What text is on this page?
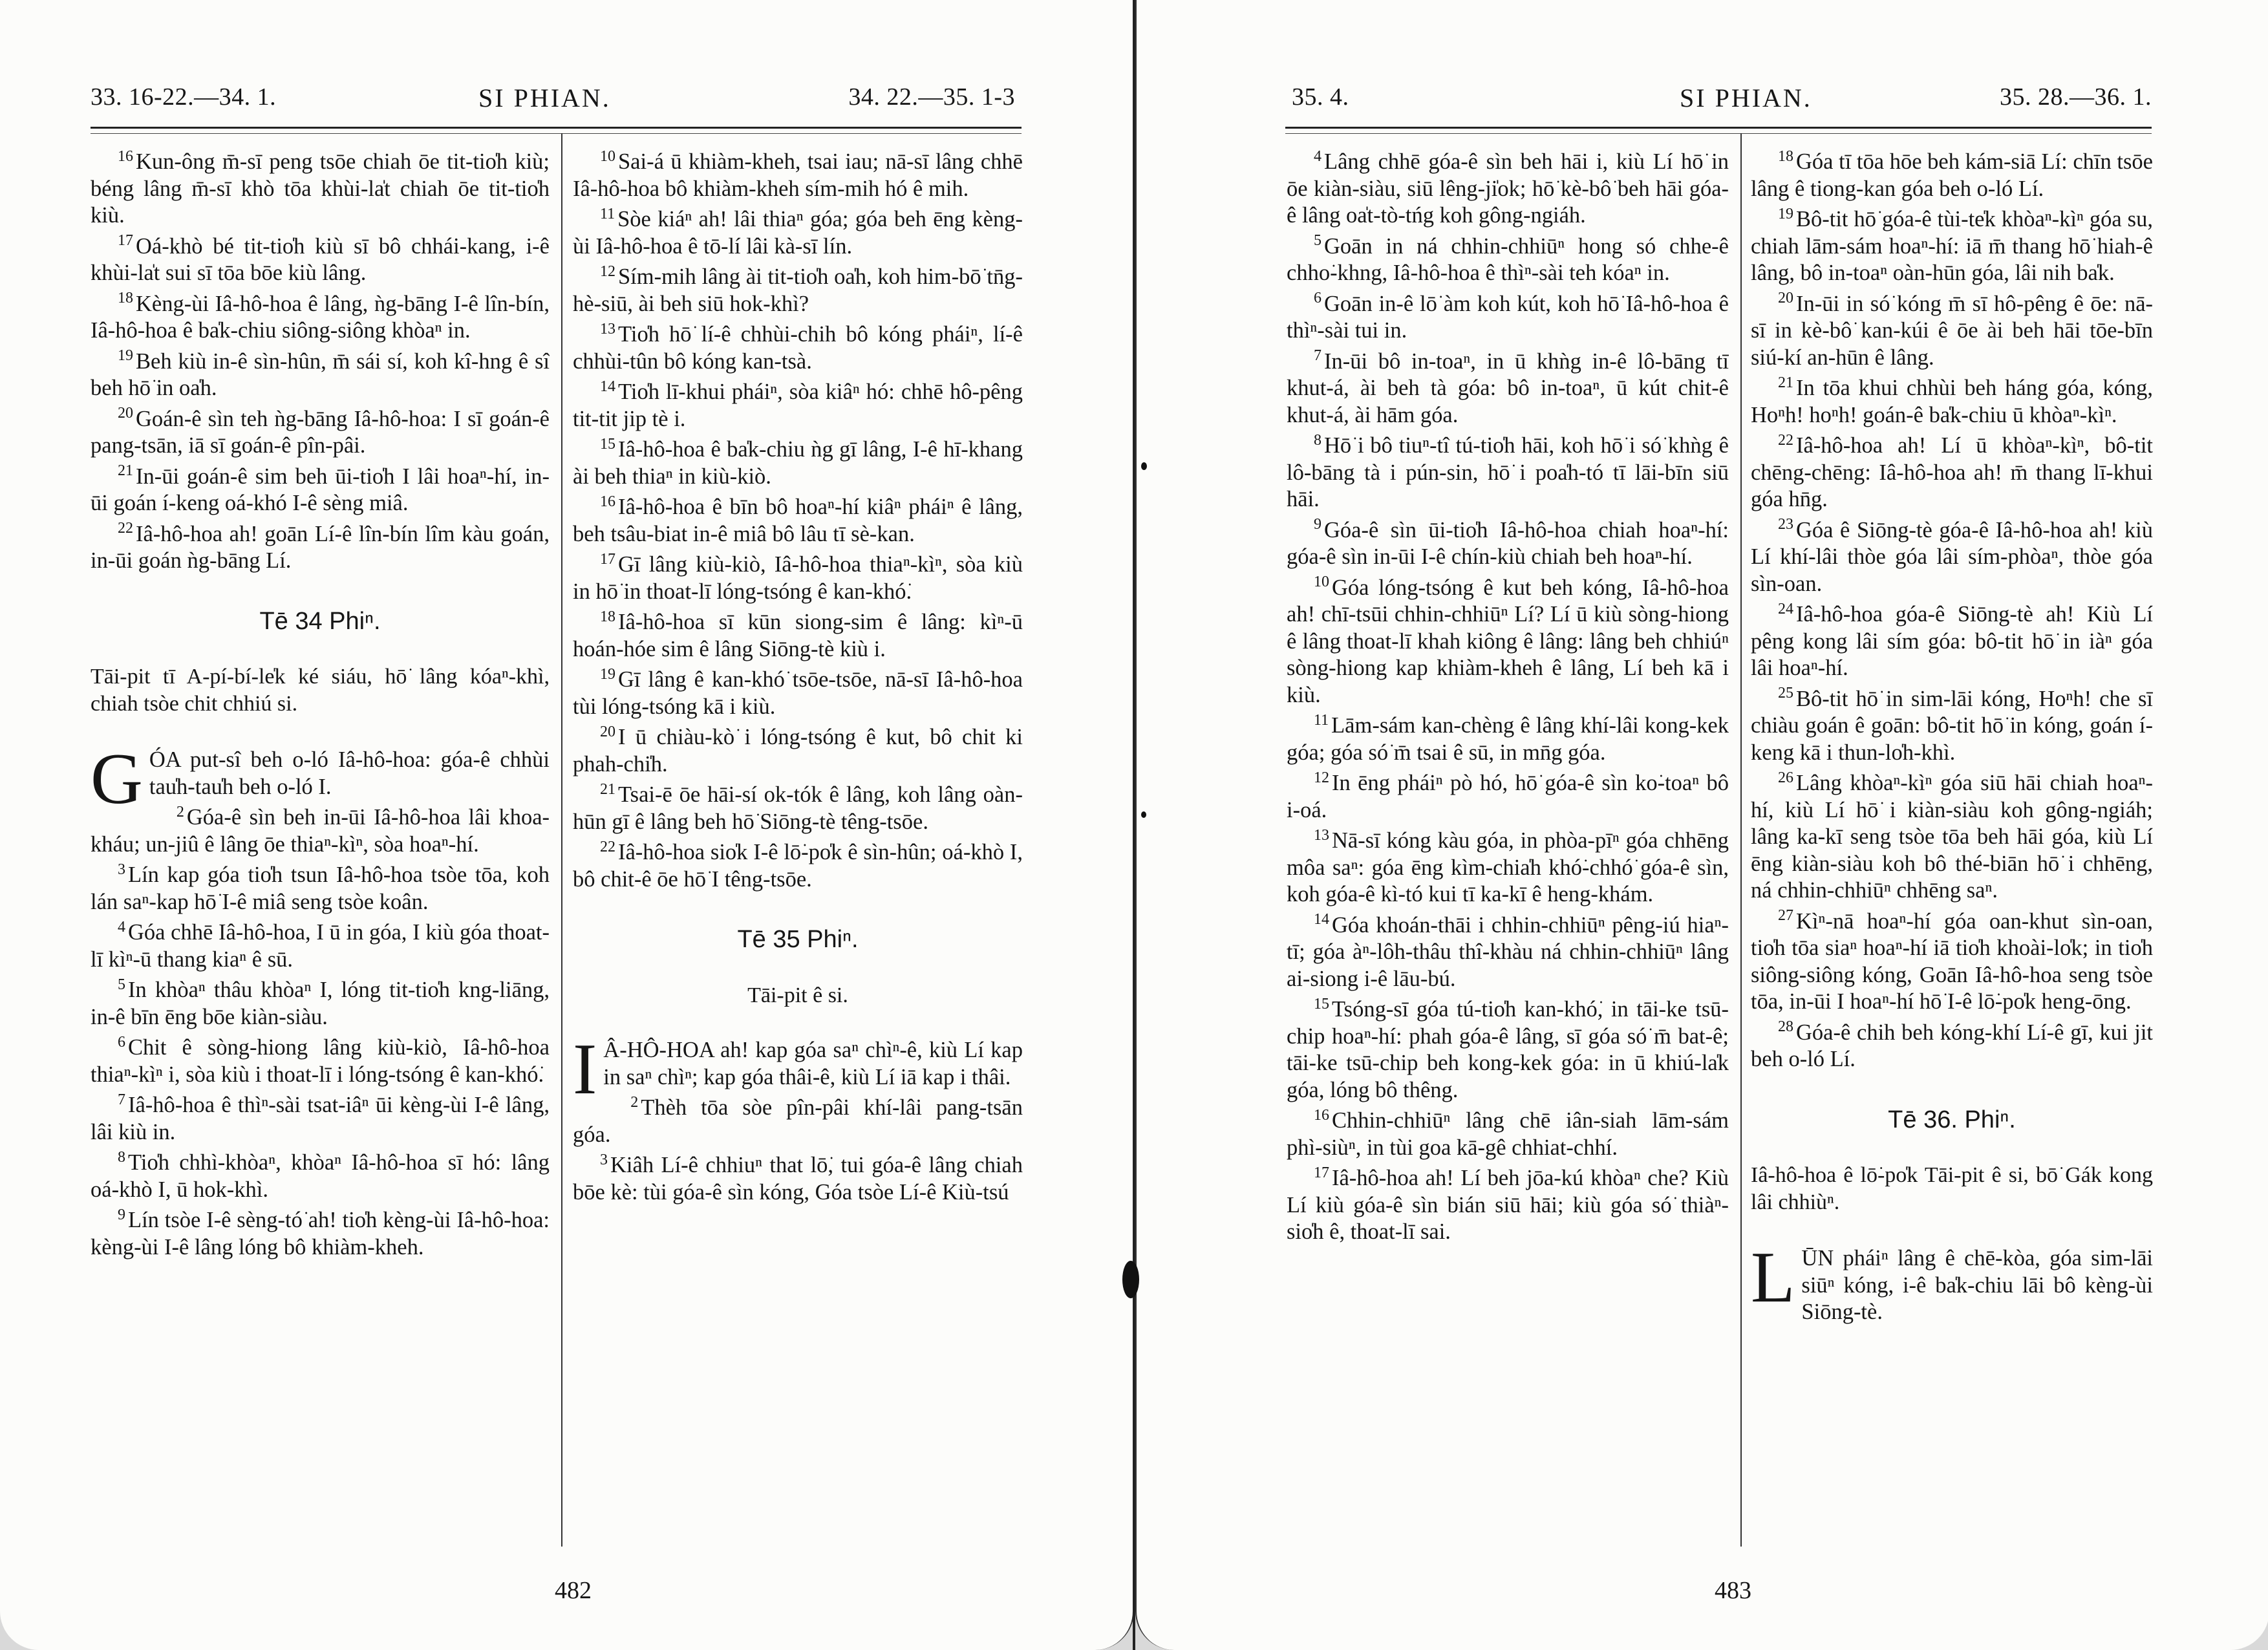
33. 16-22.—34. 1.	SI PHIAN.	34. 22.—35. 1-3

$^{16}$ Kun-ông m̄-sī peng tsōe chiah ōe tit-tio̍h kiù; béng lâng m̄-sī khò tōa khùi-la̍t chiah ōe tit-tio̍h kiù.

$^{17}$ Oá-khò bé tit-tio̍h kiù sī bô chhái-kang, i-ê khùi-la̍t sui sī tōa bōe kiù lâng.

$^{18}$ Kèng-ùi Iâ-hô-hoa ê lâng, ǹg-bāng I-ê lîn-bín, Iâ-hô-hoa ê ba̍k-chiu siông-siông khòaⁿ in.

$^{19}$ Beh kiù in-ê sìn-hûn, m̄ sái sí, koh kî-hng ê sî beh hō͘ in oa̍h.

$^{20}$ Goán-ê sìn teh ǹg-bāng Iâ-hô-hoa: I sī goán-ê pang-tsān, iā sī goán-ê pîn-pâi.

$^{21}$ In-ūi goán-ê sim beh ūi-tio̍h I lâi hoaⁿ-hí, in-ūi goán í-keng oá-khó I-ê sèng miâ.

$^{22}$ Iâ-hô-hoa ah! goān Lí-ê lîn-bín lîm kàu goán, in-ūi goán ǹg-bāng Lí.

Tē 34 Phiⁿ.

Tāi-pit tī A-pí-bí-le̍k ké siáu, hō͘ lâng kóaⁿ-khì, chiah tsòe chit chhiú si.

GÓA put-sî beh o-ló Iâ-hô-hoa: góa-ê chhùi tau̍h-tau̍h beh o-ló I.

$^2$ Góa-ê sìn beh in-ūi Iâ-hô-hoa lâi khoa-kháu; un-jiû ê lâng ōe thiaⁿ-kìⁿ, sòa hoaⁿ-hí.

$^3$ Lín kap góa tio̍h tsun Iâ-hô-hoa tsòe tōa, koh lán saⁿ-kap hō͘ I-ê miâ seng tsòe koân.

$^4$ Góa chhē Iâ-hô-hoa, I ū in góa, I kiù góa thoat-lī kìⁿ-ū thang kiaⁿ ê sū.

$^5$ In khòaⁿ thâu khòaⁿ I, lóng tit-tio̍h kng-liāng, in-ê bīn ēng bōe kiàn-siàu.

$^6$ Chit ê sòng-hiong lâng kiù-kiò, Iâ-hô-hoa thiaⁿ-kìⁿ i, sòa kiù i thoat-lī i lóng-tsóng ê kan-khó͘.

$^7$ Iâ-hô-hoa ê thìⁿ-sài tsat-iâⁿ ūi kèng-ùi I-ê lâng, lâi kiù in.

$^8$ Tio̍h chhì-khòaⁿ, khòaⁿ Iâ-hô-hoa sī hó: lâng oá-khò I, ū hok-khì.

$^9$ Lín tsòe I-ê sèng-tó͘ ah! tio̍h kèng-ùi Iâ-hô-hoa: kèng-ùi I-ê lâng lóng bô khiàm-kheh.

$^{10}$ Sai-á ū khiàm-kheh, tsai iau; nā-sī lâng chhē Iâ-hô-hoa bô khiàm-kheh sím-mih hó ê mih.

$^{11}$ Sòe kiáⁿ ah! lâi thiaⁿ góa; góa beh ēng kèng-ùi Iâ-hô-hoa ê tō-lí lâi kà-sī lín.

$^{12}$ Sím-mih lâng ài tit-tio̍h oa̍h, koh him-bō͘ tn̄g-hè-siū, ài beh siū hok-khì?

$^{13}$ Tio̍h hō͘ lí-ê chhùi-chih bô kóng pháiⁿ, lí-ê chhùi-tûn bô kóng kan-tsà.

$^{14}$ Tio̍h lī-khui pháiⁿ, sòa kiâⁿ hó: chhē hô-pêng tit-tit jip tè i.

$^{15}$ Iâ-hô-hoa ê ba̍k-chiu ǹg gī lâng, I-ê hī-khang ài beh thiaⁿ in kiù-kiò.

$^{16}$ Iâ-hô-hoa ê bīn bô hoaⁿ-hí kiâⁿ pháiⁿ ê lâng, beh tsâu-biat in-ê miâ bô lâu tī sè-kan.

$^{17}$ Gī lâng kiù-kiò, Iâ-hô-hoa thiaⁿ-kìⁿ, sòa kiù in hō͘ in thoat-lī lóng-tsóng ê kan-khó͘.

$^{18}$ Iâ-hô-hoa sī kūn siong-sim ê lâng: kìⁿ-ū hoán-hóe sim ê lâng Siōng-tè kiù i.

$^{19}$ Gī lâng ê kan-khó͘ tsōe-tsōe, nā-sī Iâ-hô-hoa tùi lóng-tsóng kā i kiù.

$^{20}$ I ū chiàu-kò͘ i lóng-tsóng ê kut, bô chit ki phah-chi̍h.

$^{21}$ Tsai-ē ōe hāi-sí ok-tók ê lâng, koh lâng oàn-hūn gī ê lâng beh hō͘ Siōng-tè têng-tsōe.

$^{22}$ Iâ-hô-hoa sio̍k I-ê lō͘-po̍k ê sìn-hûn; oá-khò I, bô chit-ê ōe hō͘ I têng-tsōe.

Tē 35 Phiⁿ.

Tāi-pit ê si.

I Â-HÔ-HOA ah! kap góa saⁿ chìⁿ-ê, kiù Lí kap in saⁿ chìⁿ; kap góa thâi-ê, kiù Lí iā kap i thâi.

$^2$ Thèh tōa sòe pîn-pâi khí-lâi pang-tsān góa.

$^3$ Kiâh Lí-ê chhiuⁿ that lō͘, tui góa-ê lâng chiah bōe kè: tùi góa-ê sìn kóng, Góa tsòe Lí-ê Kiù-tsú

482
35. 4.	SI PHIAN.	35. 28.—36. 1.

$^4$ Lâng chhē góa-ê sìn beh hāi i, kiù Lí hō͘ in ōe kiàn-siàu, siū lêng-ji̍ok; hō͘ kè-bô͘ beh hāi góa-ê lâng oa̍t-tò-tńg koh gông-ngiáh.

$^5$ Goān in ná chhin-chhiūⁿ hong só chhe-ê chho͘-khng, Iâ-hô-hoa ê thìⁿ-sài teh kóaⁿ in.

$^6$ Goān in-ê lō͘ àm koh kút, koh hō͘ Iâ-hô-hoa ê thìⁿ-sài tui in.

$^7$ In-ūi bô in-toaⁿ, in ū khǹg in-ê lô-bāng tī khut-á, ài beh tà góa: bô in-toaⁿ, ū kút chit-ê khut-á, ài hām góa.

$^8$ Hō͘ i bô tiuⁿ-tî tú-tio̍h hāi, koh hō͘ i só͘ khǹg ê lô-bāng tà i pún-sin, hō͘ i poa̍h-tó tī lāi-bīn siū hāi.

$^9$ Góa-ê sìn ūi-tio̍h Iâ-hô-hoa chiah hoaⁿ-hí: góa-ê sìn in-ūi I-ê chín-kiù chiah beh hoaⁿ-hí.

$^{10}$ Góa lóng-tsóng ê kut beh kóng, Iâ-hô-hoa ah! chī-tsūi chhin-chhiūⁿ Lí? Lí ū kiù sòng-hiong ê lâng thoat-lī khah kiông ê lâng: lâng beh chhiúⁿ sòng-hiong kap khiàm-kheh ê lâng, Lí beh kā i kiù.

$^{11}$ Lām-sám kan-chèng ê lâng khí-lâi kong-kek góa; góa só͘ m̄ tsai ê sū, in mn̄g góa.

$^{12}$ In ēng pháiⁿ pò hó, hō͘ góa-ê sìn ko͘-toaⁿ bô i-oá.

$^{13}$ Nā-sī kóng kàu góa, in phòa-pīⁿ góa chhēng môa saⁿ: góa ēng kìm-chia̍h khó͘-chhó͘ góa-ê sìn, koh góa-ê kì-tó kui tī ka-kī ê heng-khám.

$^{14}$ Góa khoán-thāi i chhin-chhiūⁿ pêng-iú hiaⁿ-tī; góa àⁿ-lôh-thâu thî-khàu ná chhin-chhiūⁿ lâng ai-siong i-ê lāu-bú.

$^{15}$ Tsóng-sī góa tú-tio̍h kan-khó͘, in tāi-ke tsū-chip hoaⁿ-hí: phah góa-ê lâng, sī góa só͘ m̄ bat-ê; tāi-ke tsū-chip beh kong-kek góa: in ū khiú-la̍k góa, lóng bô thêng.

$^{16}$ Chhin-chhiūⁿ lâng chē iân-siah lām-sám phì-siùⁿ, in tùi goa kā-gê chhiat-chhí.

$^{17}$ Iâ-hô-hoa ah! Lí beh jōa-kú khòaⁿ che? Kiù Lí kiù góa-ê sìn bián siū hāi; kiù góa só͘ thiàⁿ-sio̍h ê, thoat-lī sai.

$^{18}$ Góa tī tōa hōe beh kám-siā Lí: chīn tsōe lâng ê tiong-kan góa beh o-ló Lí.

$^{19}$ Bô-tit hō͘ góa-ê tùi-te̍k khòaⁿ-kìⁿ góa su, chiah lām-sám hoaⁿ-hí: iā m̄ thang hō͘ hiah-ê lâng, bô in-toaⁿ oàn-hūn góa, lâi nih ba̍k.

$^{20}$ In-ūi in só͘ kóng m̄ sī hô-pêng ê ōe: nā-sī in kè-bô͘ kan-kúi ê ōe ài beh hāi tōe-bīn siú-kí an-hūn ê lâng.

$^{21}$ In tōa khui chhùi beh háng góa, kóng, Hoⁿh! hoⁿh! goán-ê ba̍k-chiu ū khòaⁿ-kìⁿ.

$^{22}$ Iâ-hô-hoa ah! Lí ū khòaⁿ-kìⁿ, bô-tit chēng-chēng: Iâ-hô-hoa ah! m̄ thang lī-khui góa hn̄g.

$^{23}$ Góa ê Siōng-tè góa-ê Iâ-hô-hoa ah! kiù Lí khí-lâi thòe góa lâi sím-phòaⁿ, thòe góa sìn-oan.

$^{24}$ Iâ-hô-hoa góa-ê Siōng-tè ah! Kiù Lí pêng kong lâi sím góa: bô-tit hō͘ in iàⁿ góa lâi hoaⁿ-hí.

$^{25}$ Bô-tit hō͘ in sim-lāi kóng, Hoⁿh! che sī chiàu goán ê goān: bô-tit hō͘ in kóng, goán í-keng kā i thun-lo̍h-khì.

$^{26}$ Lâng khòaⁿ-kìⁿ góa siū hāi chiah hoaⁿ-hí, kiù Lí hō͘ i kiàn-siàu koh gông-ngiáh; lâng ka-kī seng tsòe tōa beh hāi góa, kiù Lí ēng kiàn-siàu koh bô thé-biān hō͘ i chhēng, ná chhin-chhiūⁿ chhēng saⁿ.

$^{27}$ Kìⁿ-nā hoaⁿ-hí góa oan-khut sìn-oan, tio̍h tōa siaⁿ hoaⁿ-hí iā tio̍h khoài-lo̍k; in tio̍h siông-siông kóng, Goān Iâ-hô-hoa seng tsòe tōa, in-ūi I hoaⁿ-hí hō͘ I-ê lō͘-po̍k heng-ōng.

$^{28}$ Góa-ê chih beh kóng-khí Lí-ê gī, kui jit beh o-ló Lí.

Tē 36. Phiⁿ.

Iâ-hô-hoa ê lō͘-po̍k Tāi-pit ê si, bō͘ Gák kong lâi chhiùⁿ.

LŪN pháiⁿ lâng ê chē-kòa, góa sim-lāi siūⁿ kóng, i-ê ba̍k-chiu lāi bô kèng-ùi Siōng-tè.

483
